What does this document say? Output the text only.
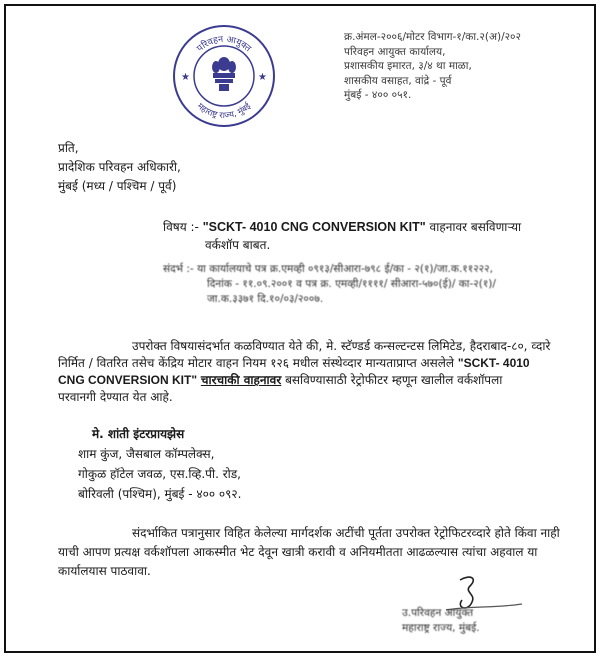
परिवहन आयुक्त
महाराष्ट्र राज्य, मुंबई
★	★
क्र.अंमल-२००६/मोटर विभाग-१/का.२(अ)/२०२
परिवहन आयुक्त कार्यालय,
प्रशासकीय इमारत, ३/४ था माळा,
शासकीय वसाहत, वांद्रे - पूर्व
मुंबई - ४०० ०५१.
प्रति,
प्रादेशिक परिवहन अधिकारी,
मुंबई (मध्य / पश्चिम / पूर्व)
विषय :- "SCKT- 4010 CNG CONVERSION KIT" वाहनावर बसविणाऱ्या
वर्कशॉप बाबत.
संदर्भ :- या कार्यालयाचे पत्र क्र.एमव्ही ०९१३/सीआरा-७९८ ई/का - २(१)/जा.क.११२२२,
दिनांक - ११.०९.२००१ व पत्र क्र. एमव्ही/११११/ सीआरा-५७०(ई)/ का-२(१)/
जा.क.३३७१ दि.१०/०३/२००७.
उपरोक्त विषयासंदर्भात कळविण्यात येते की, मे. स्टॅण्डर्ड कन्सल्टन्टस लिमिटेड, हैदराबाद-८०, व्दारे
निर्मित / वितरित तसेच केंद्रिय मोटार वाहन नियम १२६ मधील संस्थेव्दार मान्यताप्राप्त असलेले "SCKT- 4010
CNG CONVERSION KIT" चारचाकी वाहनावर बसविण्यासाठी रेट्रोफीटर म्हणून खालील वर्कशॉपला
परवानगी देण्यात येत आहे.
मे. शांती इंटरप्रायझेस
शाम कुंज, जैसबाल कॉम्पलेक्स,
गोकुळ हॉटेल जवळ, एस.व्हि.पी. रोड,
बोरिवली (पश्चिम), मुंबई - ४०० ०९२.
संदर्भाकित पत्रानुसार विहित केलेल्या मार्गदर्शक अटींची पूर्तता उपरोक्त रेट्रोफिटरव्दारे होते किंवा नाही
याची आपण प्रत्यक्ष वर्कशॉपला आकस्मीत भेट देवून खात्री करावी व अनियमीतता आढळल्यास त्यांचा अहवाल या
कार्यालयास पाठवावा.
उ.परिवहन आयुक्त
महाराष्ट्र राज्य, मुंबई.
